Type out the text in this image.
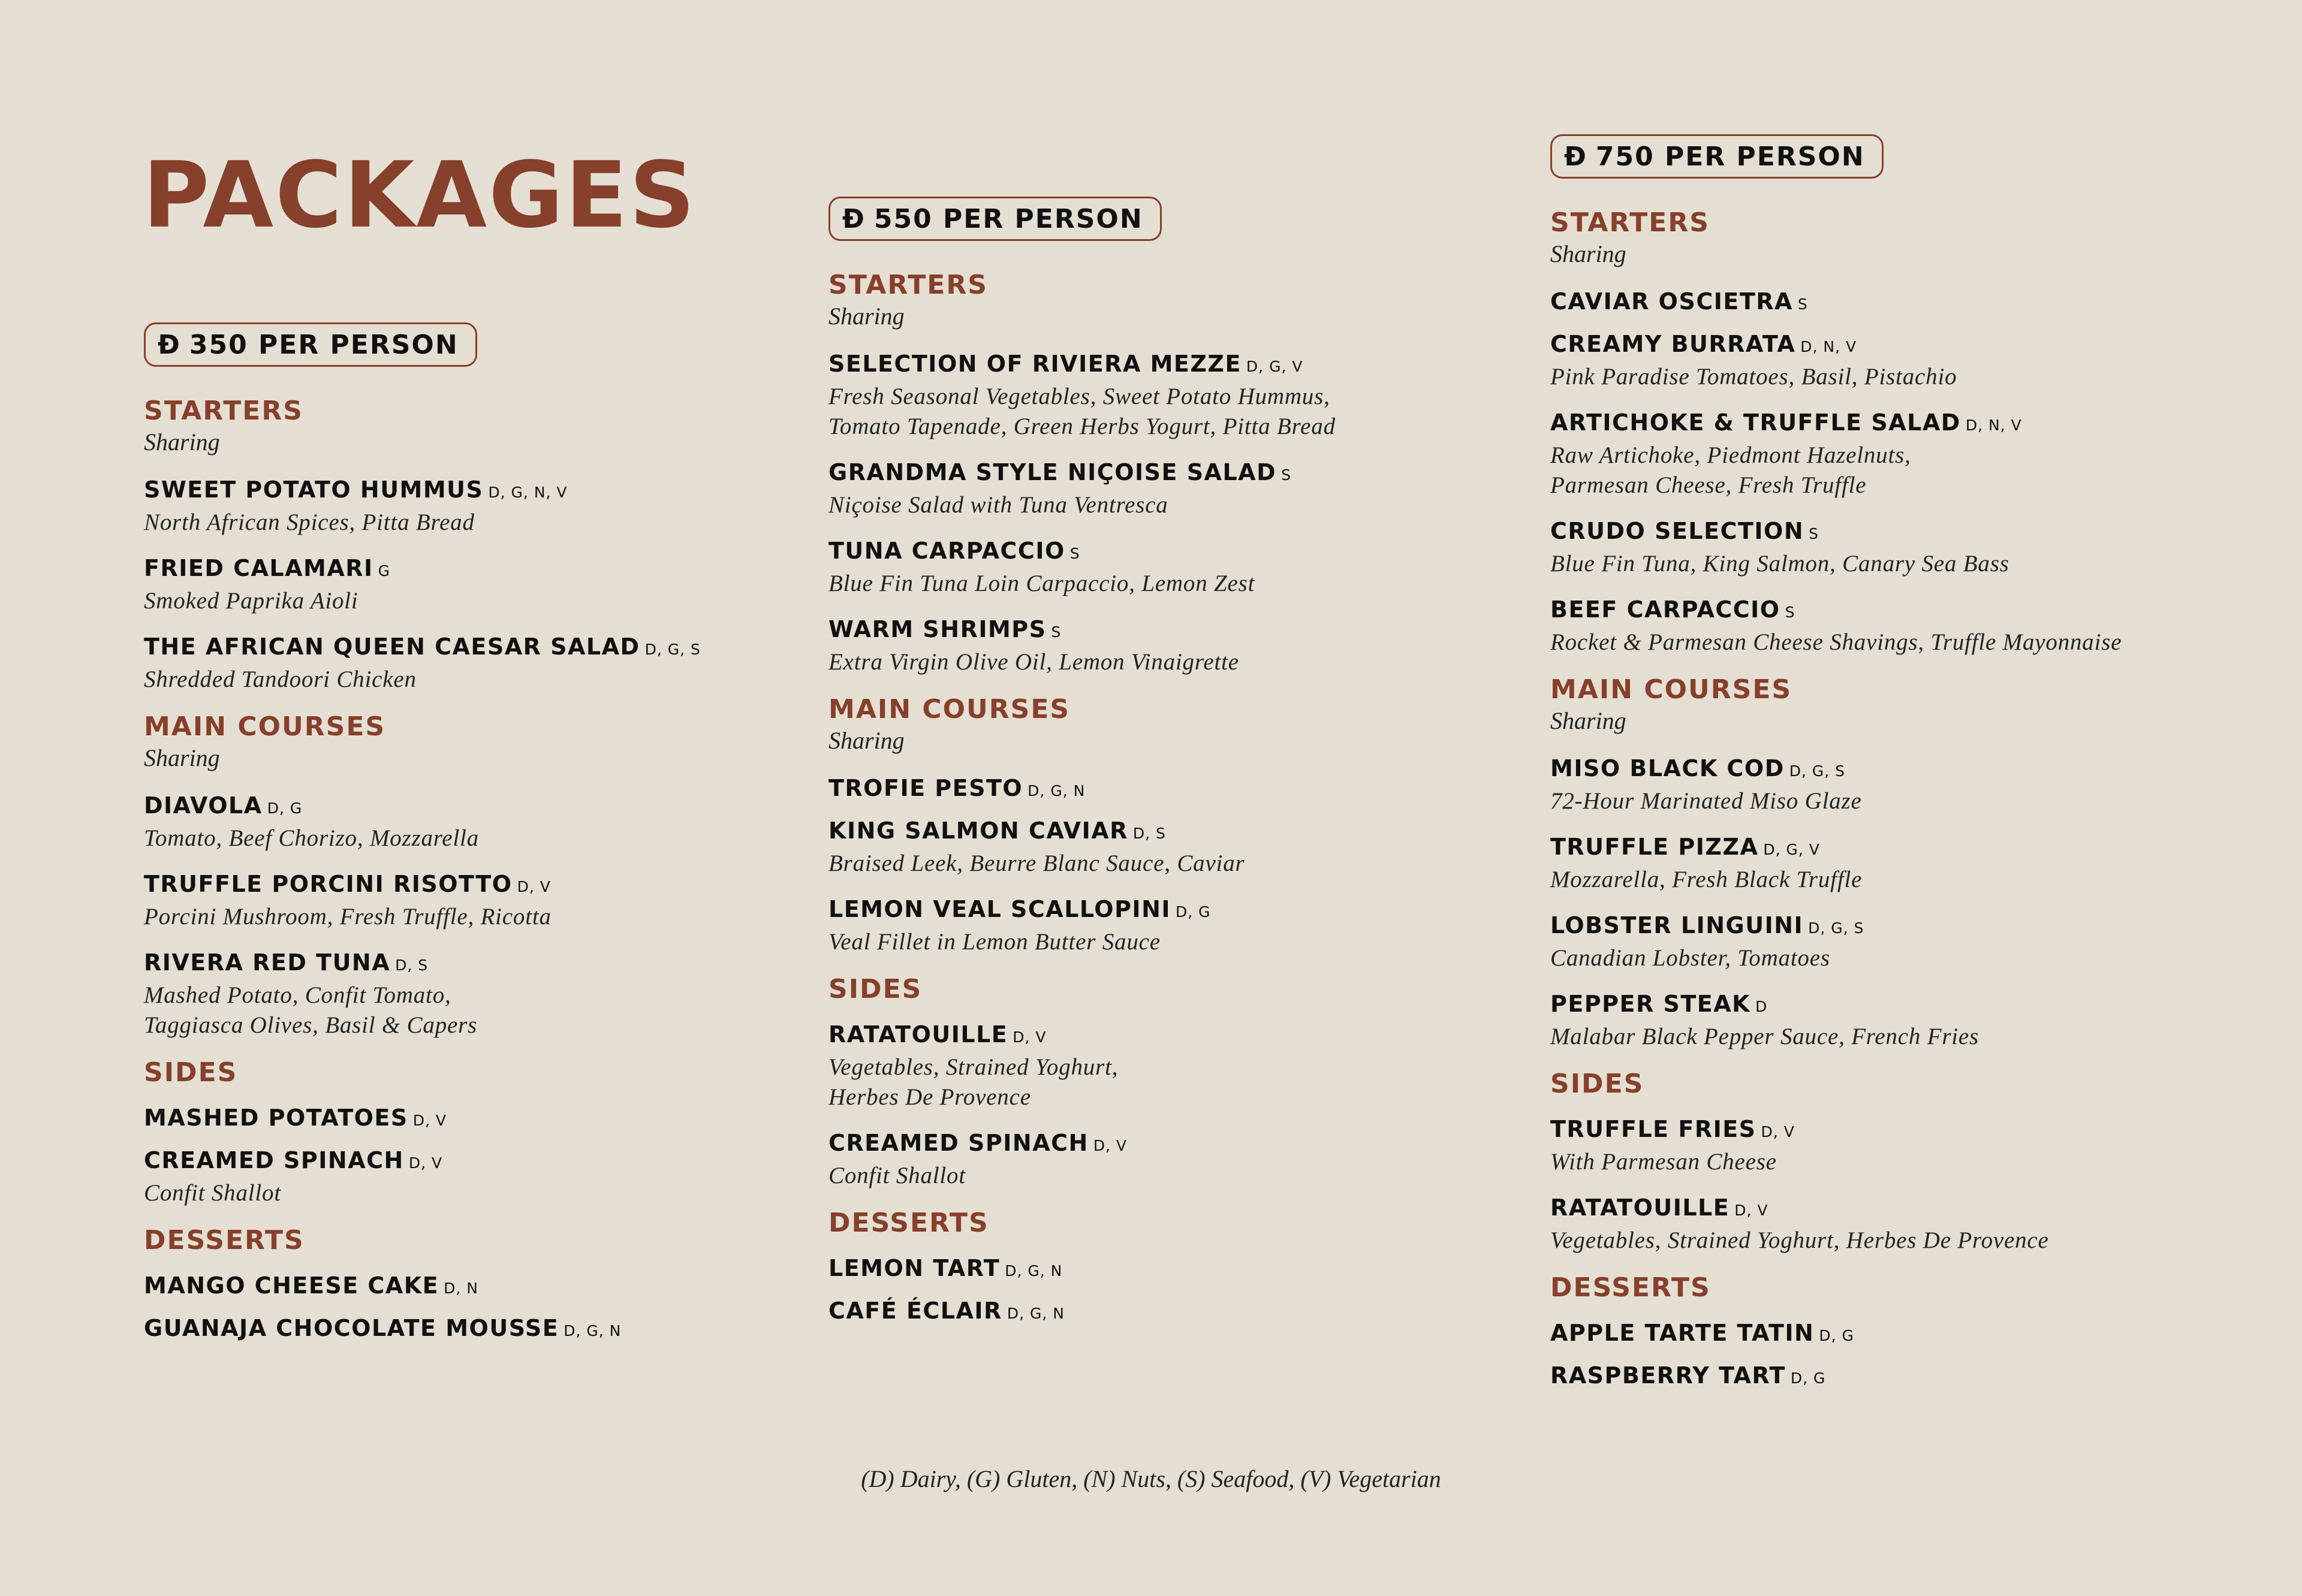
PACKAGES
Ð 350 PER PERSON
STARTERS
Sharing
SWEET POTATO HUMMUS D, G, N, V
North African Spices, Pitta Bread
FRIED CALAMARI G
Smoked Paprika Aioli
THE AFRICAN QUEEN CAESAR SALAD D, G, S
Shredded Tandoori Chicken
MAIN COURSES
Sharing
DIAVOLA D, G
Tomato, Beef Chorizo, Mozzarella
TRUFFLE PORCINI RISOTTO D, V
Porcini Mushroom, Fresh Truffle, Ricotta
RIVERA RED TUNA D, S
Mashed Potato, Confit Tomato,
Taggiasca Olives, Basil & Capers
SIDES
MASHED POTATOES D, V
CREAMED SPINACH D, V
Confit Shallot
DESSERTS
MANGO CHEESE CAKE D, N
GUANAJA CHOCOLATE MOUSSE D, G, N
Ð 550 PER PERSON
STARTERS
Sharing
SELECTION OF RIVIERA MEZZE D, G, V
Fresh Seasonal Vegetables, Sweet Potato Hummus,
Tomato Tapenade, Green Herbs Yogurt, Pitta Bread
GRANDMA STYLE NIÇOISE SALAD S
Niçoise Salad with Tuna Ventresca
TUNA CARPACCIO S
Blue Fin Tuna Loin Carpaccio, Lemon Zest
WARM SHRIMPS S
Extra Virgin Olive Oil, Lemon Vinaigrette
MAIN COURSES
Sharing
TROFIE PESTO D, G, N
KING SALMON CAVIAR D, S
Braised Leek, Beurre Blanc Sauce, Caviar
LEMON VEAL SCALLOPINI D, G
Veal Fillet in Lemon Butter Sauce
SIDES
RATATOUILLE D, V
Vegetables, Strained Yoghurt,
Herbes De Provence
CREAMED SPINACH D, V
Confit Shallot
DESSERTS
LEMON TART D, G, N
CAFÉ ÉCLAIR D, G, N
Ð 750 PER PERSON
STARTERS
Sharing
CAVIAR OSCIETRA S
CREAMY BURRATA D, N, V
Pink Paradise Tomatoes, Basil, Pistachio
ARTICHOKE & TRUFFLE SALAD D, N, V
Raw Artichoke, Piedmont Hazelnuts,
Parmesan Cheese, Fresh Truffle
CRUDO SELECTION S
Blue Fin Tuna, King Salmon, Canary Sea Bass
BEEF CARPACCIO S
Rocket & Parmesan Cheese Shavings, Truffle Mayonnaise
MAIN COURSES
Sharing
MISO BLACK COD D, G, S
72-Hour Marinated Miso Glaze
TRUFFLE PIZZA D, G, V
Mozzarella, Fresh Black Truffle
LOBSTER LINGUINI D, G, S
Canadian Lobster, Tomatoes
PEPPER STEAK D
Malabar Black Pepper Sauce, French Fries
SIDES
TRUFFLE FRIES D, V
With Parmesan Cheese
RATATOUILLE D, V
Vegetables, Strained Yoghurt, Herbes De Provence
DESSERTS
APPLE TARTE TATIN D, G
RASPBERRY TART D, G
(D) Dairy, (G) Gluten, (N) Nuts, (S) Seafood, (V) Vegetarian
